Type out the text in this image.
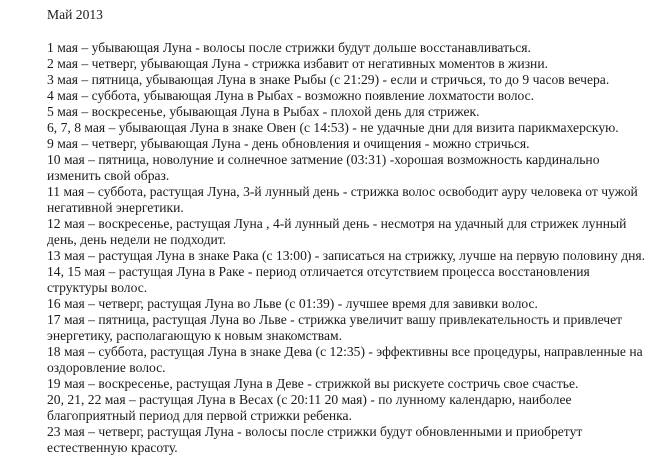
Май 2013
1 мая – убывающая Луна - волосы после стрижки будут дольше восстанавливаться.
2 мая – четверг, убывающая Луна - стрижка избавит от негативных моментов в жизни.
3 мая – пятница, убывающая Луна в знаке Рыбы (с 21:29) - если и стричься, то до 9 часов вечера.
4 мая – суббота, убывающая Луна в Рыбах - возможно появление лохматости волос.
5 мая – воскресенье, убывающая Луна в Рыбах - плохой день для стрижек.
6, 7, 8 мая – убывающая Луна в знаке Овен (с 14:53) - не удачные дни для визита парикмахерскую.
9 мая – четверг, убывающая Луна - день обновления и очищения - можно стричься.
10 мая – пятница, новолуние и солнечное затмение (03:31) -хорошая возможность кардинально изменить свой образ.
11 мая – суббота, растущая Луна, 3-й лунный день - стрижка волос освободит ауру человека от чужой негативной энергетики.
12 мая – воскресенье, растущая Луна , 4-й лунный день - несмотря на удачный для стрижек лунный день, день недели не подходит.
13 мая – растущая Луна в знаке Рака (с 13:00) - записаться на стрижку, лучше на первую половину дня.
14, 15 мая – растущая Луна в Раке - период отличается отсутствием процесса восстановления структуры волос.
16 мая – четверг, растущая Луна во Льве (с 01:39) - лучшее время для завивки волос.
17 мая – пятница, растущая Луна во Льве - стрижка увеличит вашу привлекательность и привлечет энергетику, располагающую к новым знакомствам.
18 мая – суббота, растущая Луна в знаке Дева (с 12:35) - эффективны все процедуры, направленные на оздоровление волос.
19 мая – воскресенье, растущая Луна в Деве - стрижкой вы рискуете состричь свое счастье.
20, 21, 22 мая – растущая Луна в Весах (с 20:11 20 мая) - по лунному календарю, наиболее благоприятный период для первой стрижки ребенка.
23 мая – четверг, растущая Луна - волосы после стрижки будут обновленными и приобретут естественную красоту.
